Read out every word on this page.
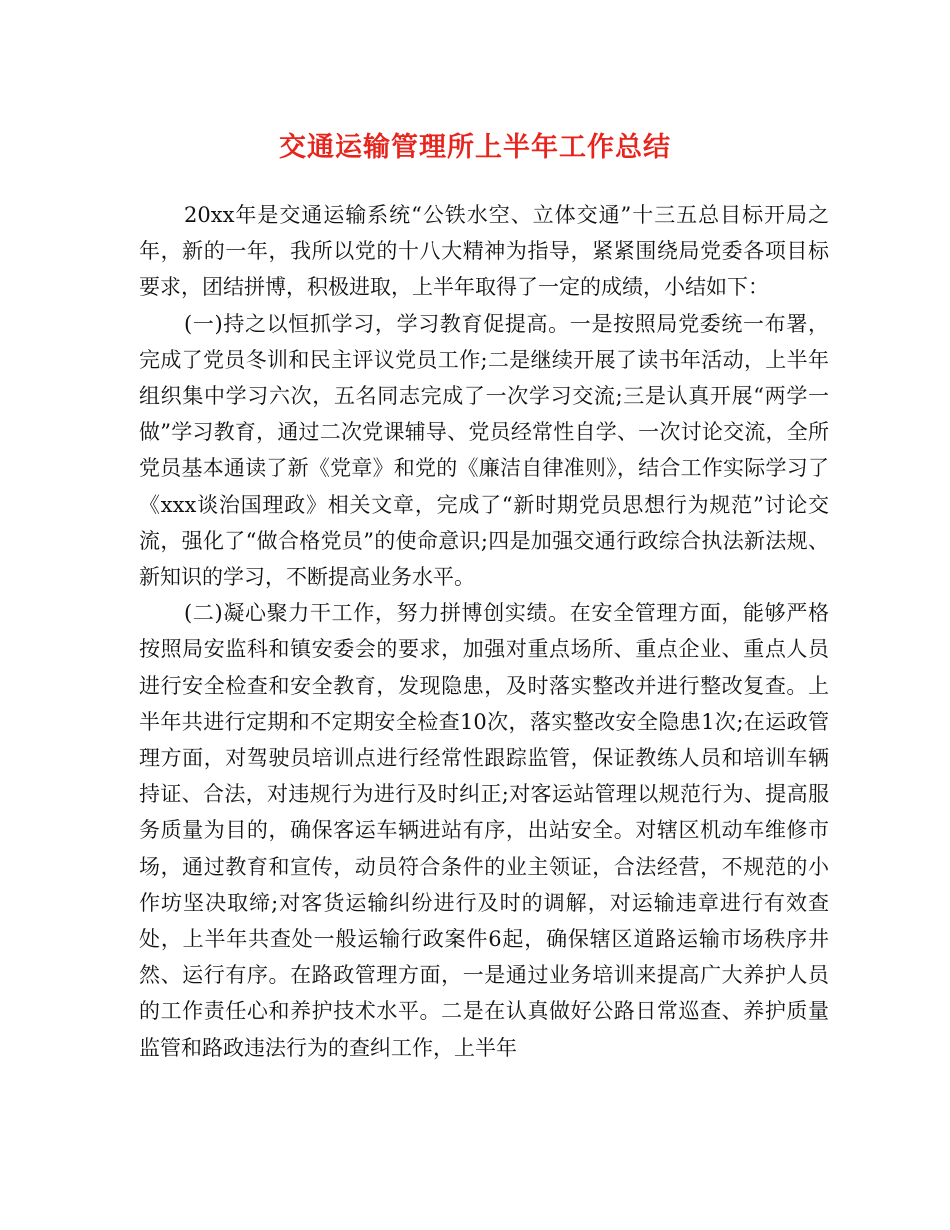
交通运输管理所上半年工作总结

20xx年是交通运输系统“公铁水空、立体交通”十三五总目标开局之年，新的一年，我所以党的十八大精神为指导，紧紧围绕局党委各项目标要求，团结拼博，积极进取，上半年取得了一定的成绩，小结如下：

(一)持之以恒抓学习，学习教育促提高。一是按照局党委统一布署，完成了党员冬训和民主评议党员工作;二是继续开展了读书年活动，上半年组织集中学习六次，五名同志完成了一次学习交流;三是认真开展“两学一做”学习教育，通过二次党课辅导、党员经常性自学、一次讨论交流，全所党员基本通读了新《党章》和党的《廉洁自律准则》，结合工作实际学习了《xxx谈治国理政》相关文章，完成了“新时期党员思想行为规范”讨论交流，强化了“做合格党员”的使命意识;四是加强交通行政综合执法新法规、新知识的学习，不断提高业务水平。

(二)凝心聚力干工作，努力拼博创实绩。在安全管理方面，能够严格按照局安监科和镇安委会的要求，加强对重点场所、重点企业、重点人员进行安全检查和安全教育，发现隐患，及时落实整改并进行整改复查。上半年共进行定期和不定期安全检查10次，落实整改安全隐患1次;在运政管理方面，对驾驶员培训点进行经常性跟踪监管，保证教练人员和培训车辆持证、合法，对违规行为进行及时纠正;对客运站管理以规范行为、提高服务质量为目的，确保客运车辆进站有序，出站安全。对辖区机动车维修市场，通过教育和宣传，动员符合条件的业主领证，合法经营，不规范的小作坊坚决取缔;对客货运输纠纷进行及时的调解，对运输违章进行有效查处，上半年共查处一般运输行政案件6起，确保辖区道路运输市场秩序井然、运行有序。在路政管理方面，一是通过业务培训来提高广大养护人员的工作责任心和养护技术水平。二是在认真做好公路日常巡查、养护质量监管和路政违法行为的查纠工作，上半年
